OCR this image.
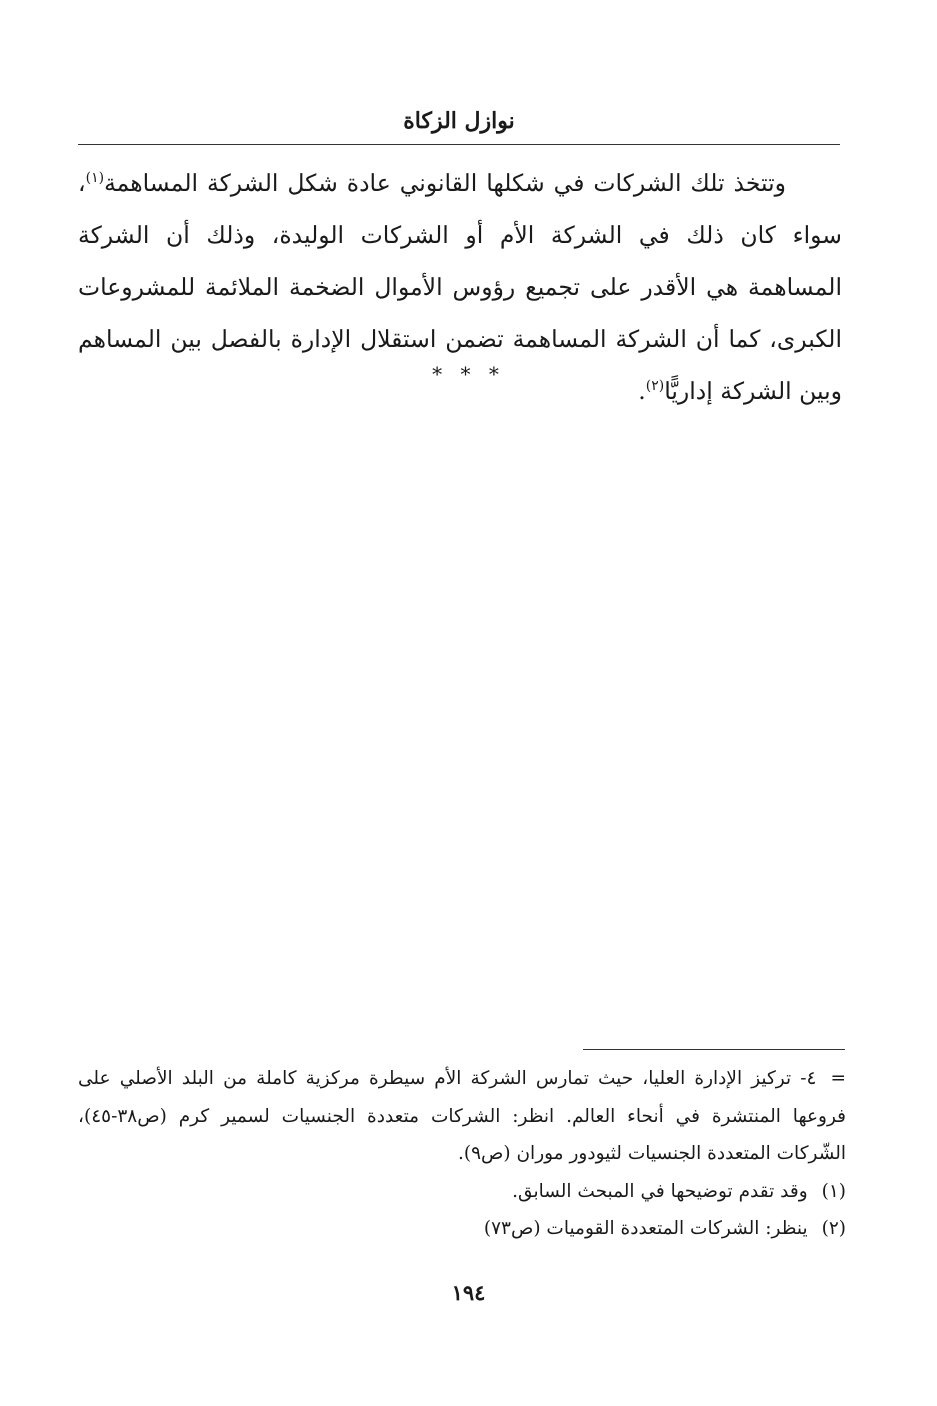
نوازل الزكاة

وتتخذ تلك الشركات في شكلها القانوني عادة شكل الشركة المساهمة$^{(١)}$، سواء كان ذلك في الشركة الأم أو الشركات الوليدة، وذلك أن الشركة المساهمة هي الأقدر على تجميع رؤوس الأموال الضخمة الملائمة للمشروعات الكبرى، كما أن الشركة المساهمة تضمن استقلال الإدارة بالفصل بين المساهم وبين الشركة إداريًّا$^{(٢)}$.

* * *

=٤- تركيز الإدارة العليا، حيث تمارس الشركة الأم سيطرة مركزية كاملة من البلد الأصلي على فروعها المنتشرة في أنحاء العالم. انظر: الشركات متعددة الجنسيات لسمير كرم (ص٣٨-٤٥)، الشّركات المتعددة الجنسيات لثيودور موران (ص٩).

(١)وقد تقدم توضيحها في المبحث السابق.

(٢)ينظر: الشركات المتعددة القوميات (ص٧٣)

١٩٤
